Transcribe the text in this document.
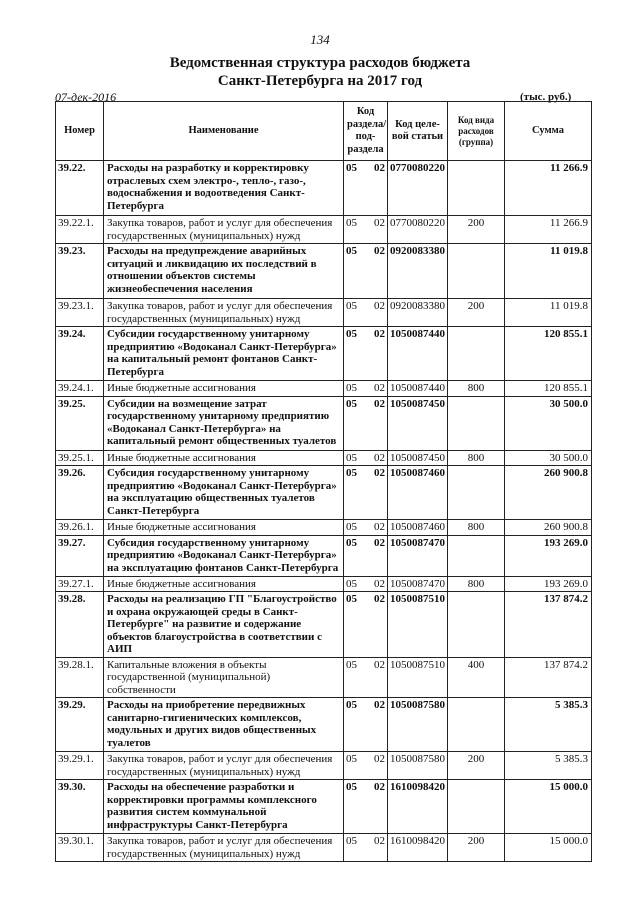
134
Ведомственная структура расходов бюджета
Санкт-Петербурга на 2017 год
07-дек-2016	(тыс. руб.)
Номер	Наименование	Код раздела/ под- раздела	Код целе- вой статьи	Код вида расходов (группа)	Сумма
39.22.	Расходы на разработку и корректировку отраслевых схем электро-, тепло-, газо-, водоснабжения и водоотведения Санкт-Петербурга	05 02	0770080220		11 266.9
39.22.1.	Закупка товаров, работ и услуг для обеспечения государственных (муниципальных) нужд	05 02	0770080220	200	11 266.9
39.23.	Расходы на предупреждение аварийных ситуаций и ликвидацию их последствий в отношении объектов системы жизнеобеспечения населения	05 02	0920083380		11 019.8
39.23.1.	Закупка товаров, работ и услуг для обеспечения государственных (муниципальных) нужд	05 02	0920083380	200	11 019.8
39.24.	Субсидии государственному унитарному предприятию «Водоканал Санкт-Петербурга» на капитальный ремонт фонтанов Санкт-Петербурга	05 02	1050087440		120 855.1
39.24.1.	Иные бюджетные ассигнования	05 02	1050087440	800	120 855.1
39.25.	Субсидии на возмещение затрат государственному унитарному предприятию «Водоканал Санкт-Петербурга» на капитальный ремонт общественных туалетов	05 02	1050087450		30 500.0
39.25.1.	Иные бюджетные ассигнования	05 02	1050087450	800	30 500.0
39.26.	Субсидия государственному унитарному предприятию «Водоканал Санкт-Петербурга» на эксплуатацию общественных туалетов Санкт-Петербурга	05 02	1050087460		260 900.8
39.26.1.	Иные бюджетные ассигнования	05 02	1050087460	800	260 900.8
39.27.	Субсидия государственному унитарному предприятию «Водоканал Санкт-Петербурга» на эксплуатацию фонтанов Санкт-Петербурга	05 02	1050087470		193 269.0
39.27.1.	Иные бюджетные ассигнования	05 02	1050087470	800	193 269.0
39.28.	Расходы на реализацию ГП "Благоустройство и охрана окружающей среды в Санкт-Петербурге" на развитие и содержание объектов благоустройства в соответствии с АИП	05 02	1050087510		137 874.2
39.28.1.	Капитальные вложения в объекты государственной (муниципальной) собственности	05 02	1050087510	400	137 874.2
39.29.	Расходы на приобретение передвижных санитарно-гигиенических комплексов, модульных и других видов общественных туалетов	05 02	1050087580		5 385.3
39.29.1.	Закупка товаров, работ и услуг для обеспечения государственных (муниципальных) нужд	05 02	1050087580	200	5 385.3
39.30.	Расходы на обеспечение разработки и корректировки программы комплексного развития систем коммунальной инфраструктуры Санкт-Петербурга	05 02	1610098420		15 000.0
39.30.1.	Закупка товаров, работ и услуг для обеспечения государственных (муниципальных) нужд	05 02	1610098420	200	15 000.0
